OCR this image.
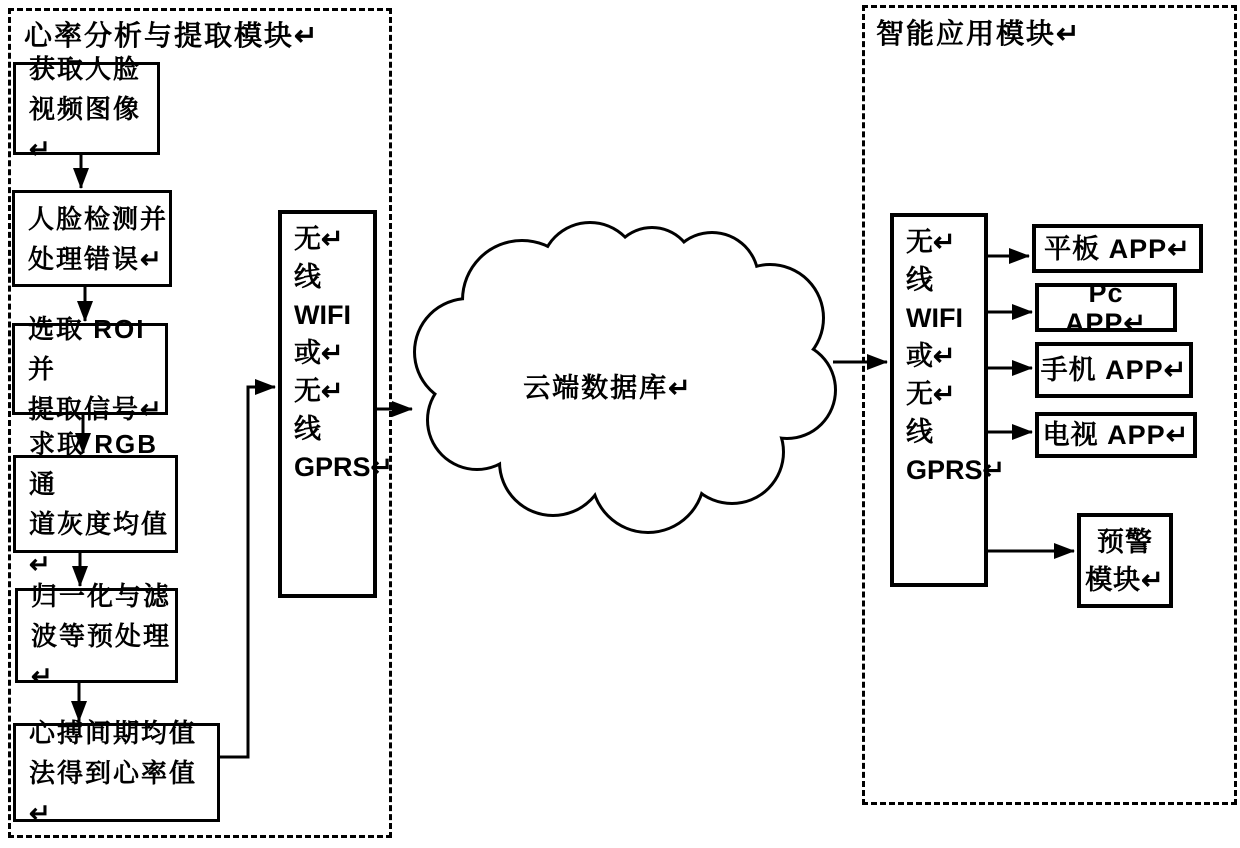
心率分析与提取模块↵	智能应用模块↵
获取人脸
视频图像↵
人脸检测并
处理错误↵
选取 ROI 并
提取信号↵
求取 RGB 通
道灰度均值↵
归一化与滤
波等预处理↵
心搏间期均值
法得到心率值↵
无↵
线
WIFI
或↵
无↵
线
GPRS↵
无↵
线
WIFI
或↵
无↵
线
GPRS↵
云端数据库↵
平板 APP↵
Pc   APP↵
手机 APP↵
电视 APP↵
预警
模块↵
